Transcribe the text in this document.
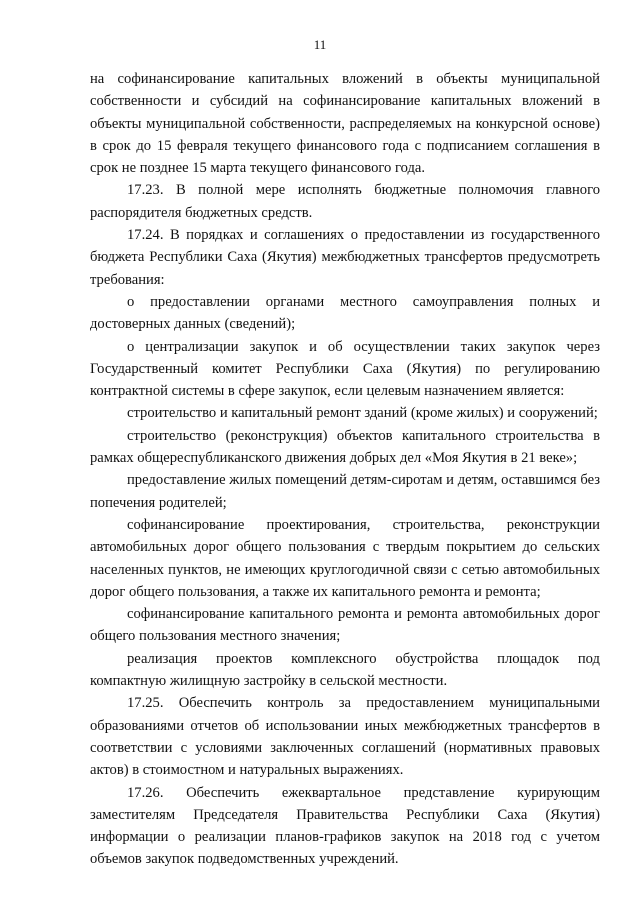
11

на софинансирование капитальных вложений в объекты муниципальной собственности и субсидий на софинансирование капитальных вложений в объекты муниципальной собственности, распределяемых на конкурсной основе) в срок до 15 февраля текущего финансового года с подписанием соглашения в срок не позднее 15 марта текущего финансового года.

17.23. В полной мере исполнять бюджетные полномочия главного распорядителя бюджетных средств.

17.24. В порядках и соглашениях о предоставлении из государственного бюджета Республики Саха (Якутия) межбюджетных трансфертов предусмотреть требования:

о предоставлении органами местного самоуправления полных и достоверных данных (сведений);

о централизации закупок и об осуществлении таких закупок через Государственный комитет Республики Саха (Якутия) по регулированию контрактной системы в сфере закупок, если целевым назначением является:

строительство и капитальный ремонт зданий (кроме жилых) и сооружений;

строительство (реконструкция) объектов капитального строительства в рамках общереспубликанского движения добрых дел «Моя Якутия в 21 веке»;

предоставление жилых помещений детям-сиротам и детям, оставшимся без попечения родителей;

софинансирование проектирования, строительства, реконструкции автомобильных дорог общего пользования с твердым покрытием до сельских населенных пунктов, не имеющих круглогодичной связи с сетью автомобильных дорог общего пользования, а также их капитального ремонта и ремонта;

софинансирование капитального ремонта и ремонта автомобильных дорог общего пользования местного значения;

реализация проектов комплексного обустройства площадок под компактную жилищную застройку в сельской местности.

17.25. Обеспечить контроль за предоставлением муниципальными образованиями отчетов об использовании иных межбюджетных трансфертов в соответствии с условиями заключенных соглашений (нормативных правовых актов) в стоимостном и натуральных выражениях.

17.26. Обеспечить ежеквартальное представление курирующим заместителям Председателя Правительства Республики Саха (Якутия) информации о реализации планов-графиков закупок на 2018 год с учетом объемов закупок подведомственных учреждений.
